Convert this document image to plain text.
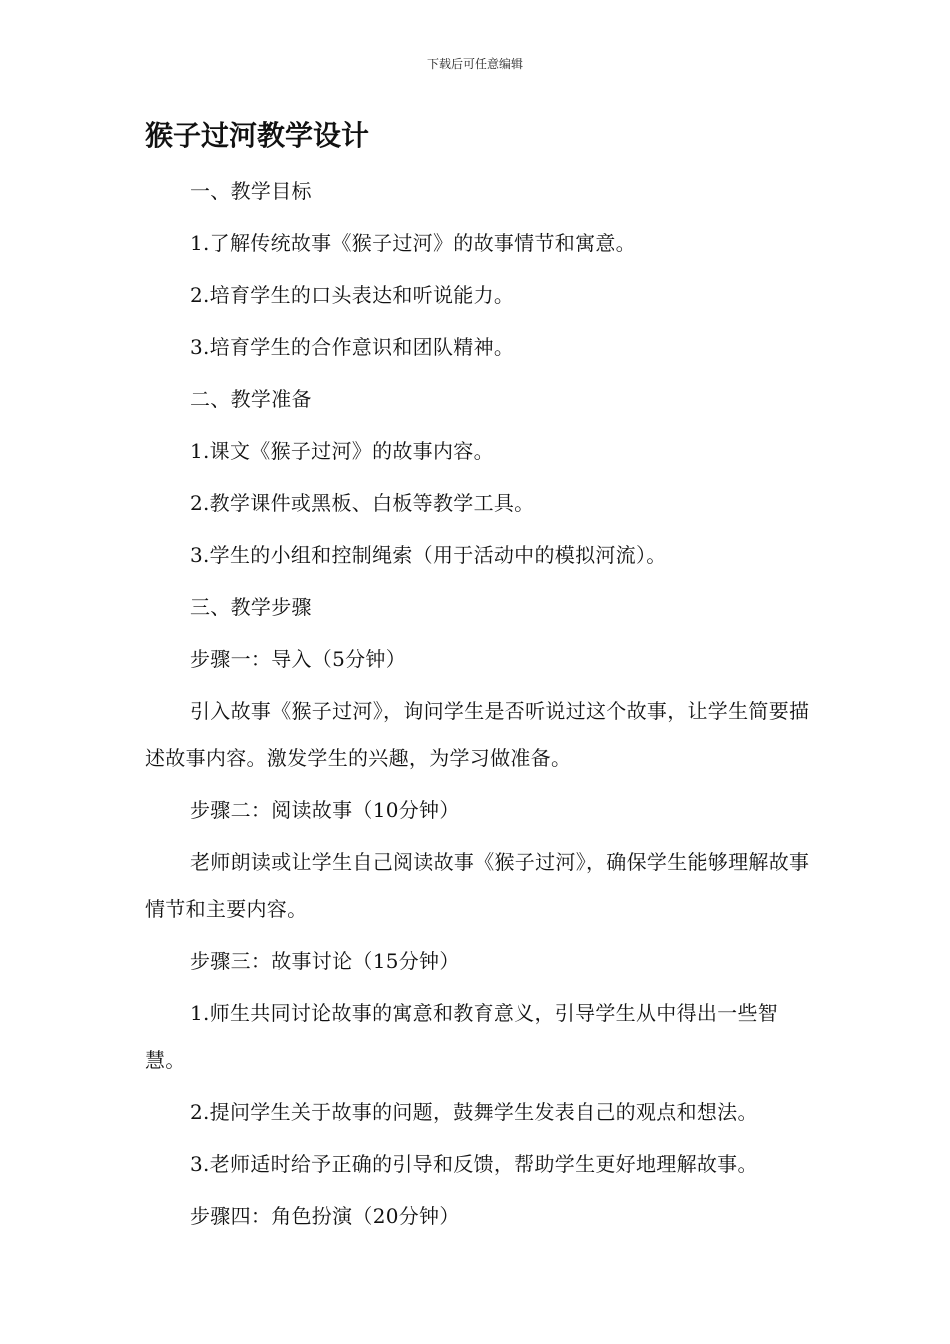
下载后可任意编辑
猴子过河教学设计

一、教学目标

1.了解传统故事《猴子过河》的故事情节和寓意。

2.培育学生的口头表达和听说能力。

3.培育学生的合作意识和团队精神。

二、教学准备

1.课文《猴子过河》的故事内容。

2.教学课件或黑板、白板等教学工具。

3.学生的小组和控制绳索（用于活动中的模拟河流）。

三、教学步骤

步骤一：导入（5分钟）

引入故事《猴子过河》，询问学生是否听说过这个故事，让学生简要描述故事内容。激发学生的兴趣，为学习做准备。

步骤二：阅读故事（10分钟）

老师朗读或让学生自己阅读故事《猴子过河》，确保学生能够理解故事情节和主要内容。

步骤三：故事讨论（15分钟）

1.师生共同讨论故事的寓意和教育意义，引导学生从中得出一些智慧。

2.提问学生关于故事的问题，鼓舞学生发表自己的观点和想法。

3.老师适时给予正确的引导和反馈，帮助学生更好地理解故事。

步骤四：角色扮演（20分钟）
